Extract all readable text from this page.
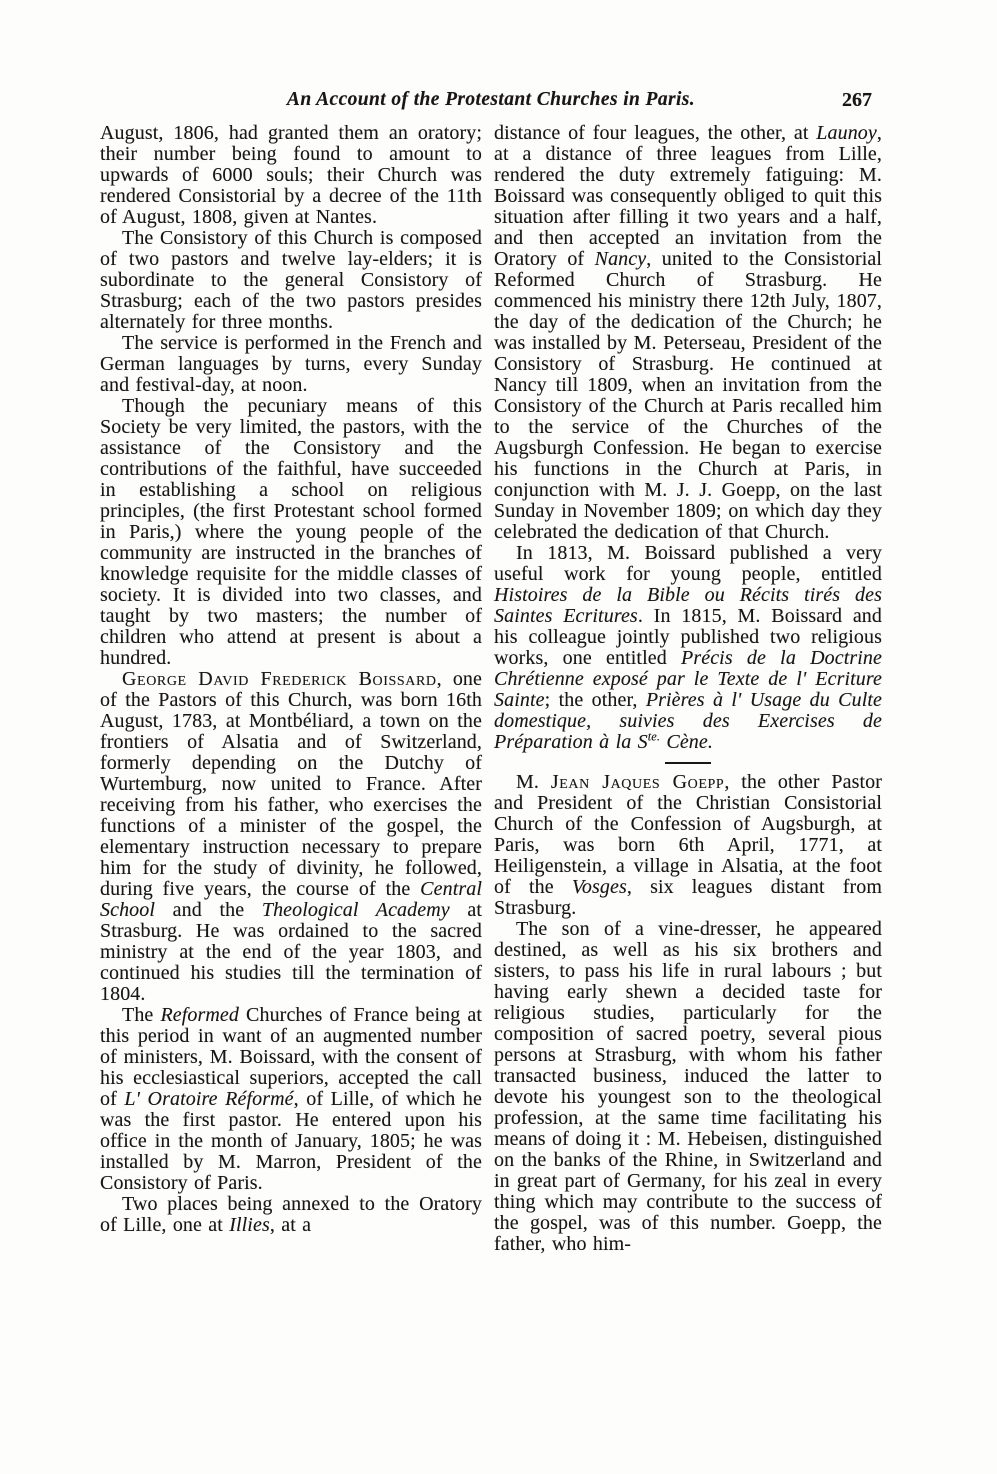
An Account of the Protestant Churches in Paris.	267

August, 1806, had granted them an oratory; their number being found to amount to upwards of 6000 souls; their Church was rendered Consistorial by a decree of the 11th of August, 1808, given at Nantes.

The Consistory of this Church is composed of two pastors and twelve lay-elders; it is subordinate to the general Consistory of Strasburg; each of the two pastors presides alternately for three months.

The service is performed in the French and German languages by turns, every Sunday and festival-day, at noon.

Though the pecuniary means of this Society be very limited, the pastors, with the assistance of the Consistory and the contributions of the faithful, have succeeded in establishing a school on religious principles, (the first Protestant school formed in Paris,) where the young people of the community are instructed in the branches of knowledge requisite for the middle classes of society. It is divided into two classes, and taught by two masters; the number of children who attend at present is about a hundred.

George David Frederick Boissard, one of the Pastors of this Church, was born 16th August, 1783, at Montbéliard, a town on the frontiers of Alsatia and of Switzerland, formerly depending on the Dutchy of Wurtemburg, now united to France. After receiving from his father, who exercises the functions of a minister of the gospel, the elementary instruction necessary to prepare him for the study of divinity, he followed, during five years, the course of the Central School and the Theological Academy at Strasburg. He was ordained to the sacred ministry at the end of the year 1803, and continued his studies till the termination of 1804.

The Reformed Churches of France being at this period in want of an augmented number of ministers, M. Boissard, with the consent of his ecclesiastical superiors, accepted the call of L' Oratoire Réformé, of Lille, of which he was the first pastor. He entered upon his office in the month of January, 1805; he was installed by M. Marron, President of the Consistory of Paris.

Two places being annexed to the Oratory of Lille, one at Illies, at a

distance of four leagues, the other, at Launoy, at a distance of three leagues from Lille, rendered the duty extremely fatiguing: M. Boissard was consequently obliged to quit this situation after filling it two years and a half, and then accepted an invitation from the Oratory of Nancy, united to the Consistorial Reformed Church of Strasburg. He commenced his ministry there 12th July, 1807, the day of the dedication of the Church; he was installed by M. Peterseau, President of the Consistory of Strasburg. He continued at Nancy till 1809, when an invitation from the Consistory of the Church at Paris recalled him to the service of the Churches of the Augsburgh Confession. He began to exercise his functions in the Church at Paris, in conjunction with M. J. J. Goepp, on the last Sunday in November 1809; on which day they celebrated the dedication of that Church.

In 1813, M. Boissard published a very useful work for young people, entitled Histoires de la Bible ou Récits tirés des Saintes Ecritures. In 1815, M. Boissard and his colleague jointly published two religious works, one entitled Précis de la Doctrine Chrétienne exposé par le Texte de l' Ecriture Sainte; the other, Prières à l' Usage du Culte domestique, suivies des Exercises de Préparation à la $S^{te.}$ Cène.

M. Jean Jaques Goepp, the other Pastor and President of the Christian Consistorial Church of the Confession of Augsburgh, at Paris, was born 6th April, 1771, at Heiligenstein, a village in Alsatia, at the foot of the Vosges, six leagues distant from Strasburg.

The son of a vine-dresser, he appeared destined, as well as his six brothers and sisters, to pass his life in rural labours ; but having early shewn a decided taste for religious studies, particularly for the composition of sacred poetry, several pious persons at Strasburg, with whom his father transacted business, induced the latter to devote his youngest son to the theological profession, at the same time facilitating his means of doing it : M. Hebeisen, distinguished on the banks of the Rhine, in Switzerland and in great part of Germany, for his zeal in every thing which may contribute to the success of the gospel, was of this number. Goepp, the father, who him-
